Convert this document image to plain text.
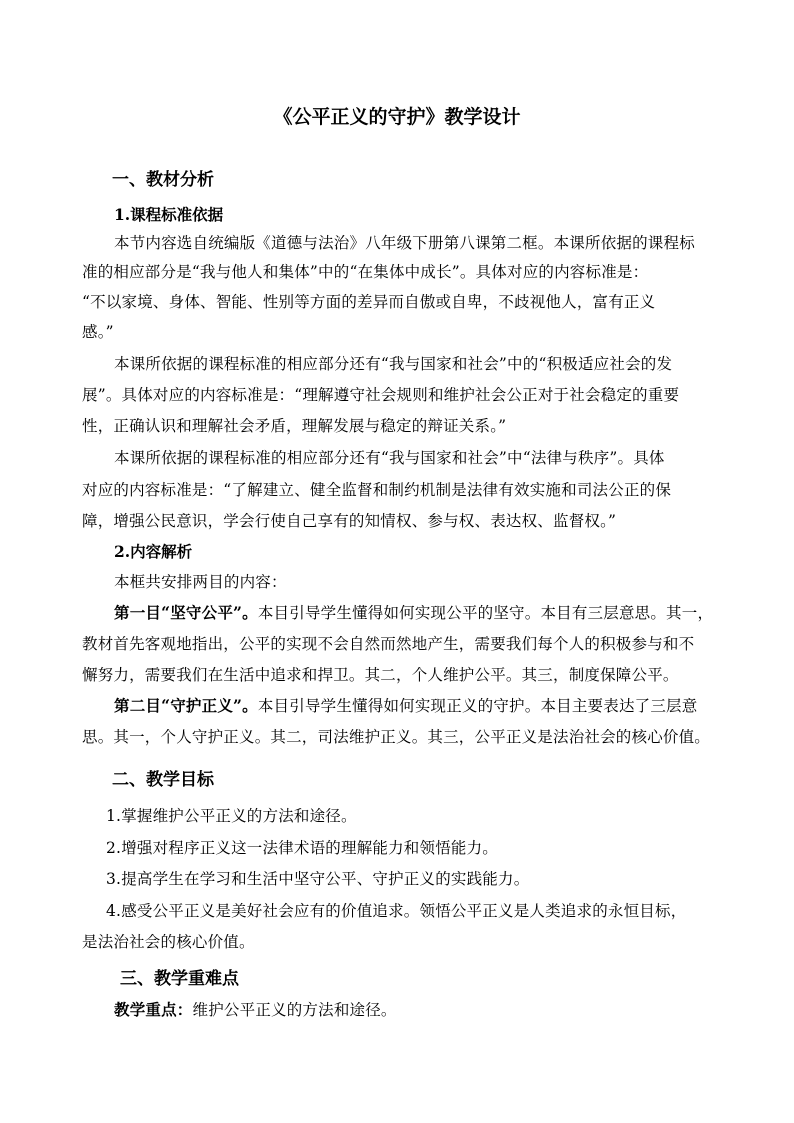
《公平正义的守护》教学设计
一、教材分析
1.课程标准依据
本节内容选自统编版《道德与法治》八年级下册第八课第二框。本课所依据的课程标
准的相应部分是“我与他人和集体”中的“在集体中成长”。具体对应的内容标准是：
“不以家境、身体、智能、性别等方面的差异而自傲或自卑，不歧视他人，富有正义
感。”
本课所依据的课程标准的相应部分还有“我与国家和社会”中的“积极适应社会的发
展”。具体对应的内容标准是：“理解遵守社会规则和维护社会公正对于社会稳定的重要
性，正确认识和理解社会矛盾，理解发展与稳定的辩证关系。”
本课所依据的课程标准的相应部分还有“我与国家和社会”中“法律与秩序”。具体
对应的内容标准是：“了解建立、健全监督和制约机制是法律有效实施和司法公正的保
障，增强公民意识，学会行使自己享有的知情权、参与权、表达权、监督权。”
2.内容解析
本框共安排两目的内容：
第一目“坚守公平”。本目引导学生懂得如何实现公平的坚守。本目有三层意思。其一，
教材首先客观地指出，公平的实现不会自然而然地产生，需要我们每个人的积极参与和不
懈努力，需要我们在生活中追求和捍卫。其二，个人维护公平。其三，制度保障公平。
第二目“守护正义”。本目引导学生懂得如何实现正义的守护。本目主要表达了三层意
思。其一，个人守护正义。其二，司法维护正义。其三，公平正义是法治社会的核心价值。
二、教学目标
1.掌握维护公平正义的方法和途径。
2.增强对程序正义这一法律术语的理解能力和领悟能力。
3.提高学生在学习和生活中坚守公平、守护正义的实践能力。
4.感受公平正义是美好社会应有的价值追求。领悟公平正义是人类追求的永恒目标，
是法治社会的核心价值。
三、教学重难点
教学重点：维护公平正义的方法和途径。
